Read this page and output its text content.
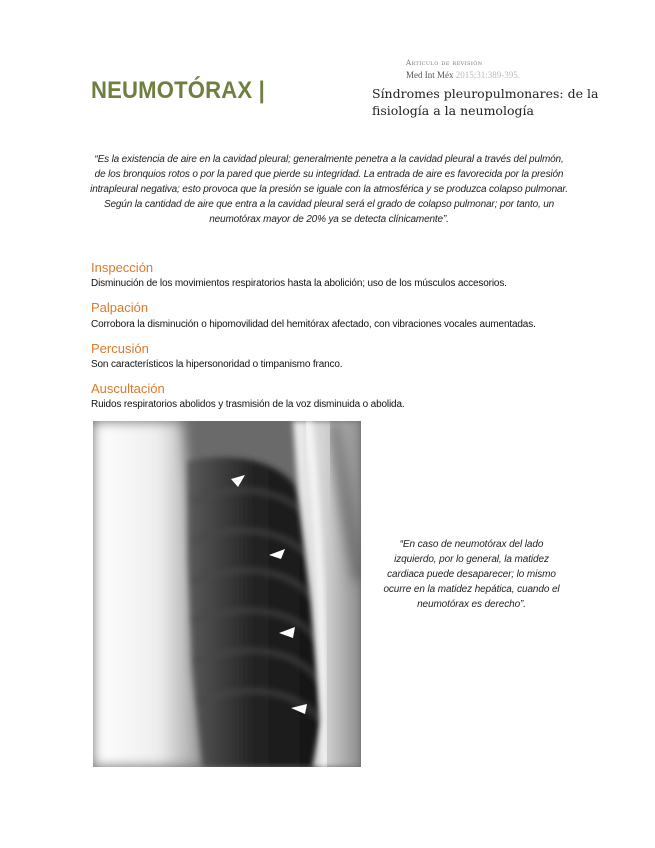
NEUMOTÓRAX |
Artículo de revisión
Med Int Méx 2015;31:389-395.
Síndromes pleuropulmonares: de la fisiología a la neumología
“Es la existencia de aire en la cavidad pleural; generalmente penetra a la cavidad pleural a través del pulmón, de los bronquios rotos o por la pared que pierde su integridad. La entrada de aire es favorecida por la presión intrapleural negativa; esto provoca que la presión se iguale con la atmosférica y se produzca colapso pulmonar. Según la cantidad de aire que entra a la cavidad pleural será el grado de colapso pulmonar; por tanto, un neumotórax mayor de 20% ya se detecta clínicamente”.
Inspección
Disminución de los movimientos respiratorios hasta la abolición; uso de los músculos accesorios.
Palpación
Corrobora la disminución o hipomovilidad del hemitórax afectado, con vibraciones vocales aumentadas.
Percusión
Son característicos la hipersonoridad o timpanismo franco.
Auscultación
Ruidos respiratorios abolidos y trasmisión de la voz disminuida o abolida.
“En caso de neumotórax del lado izquierdo, por lo general, la matidez cardiaca puede desaparecer; lo mismo ocurre en la matidez hepática, cuando el neumotórax es derecho”.
